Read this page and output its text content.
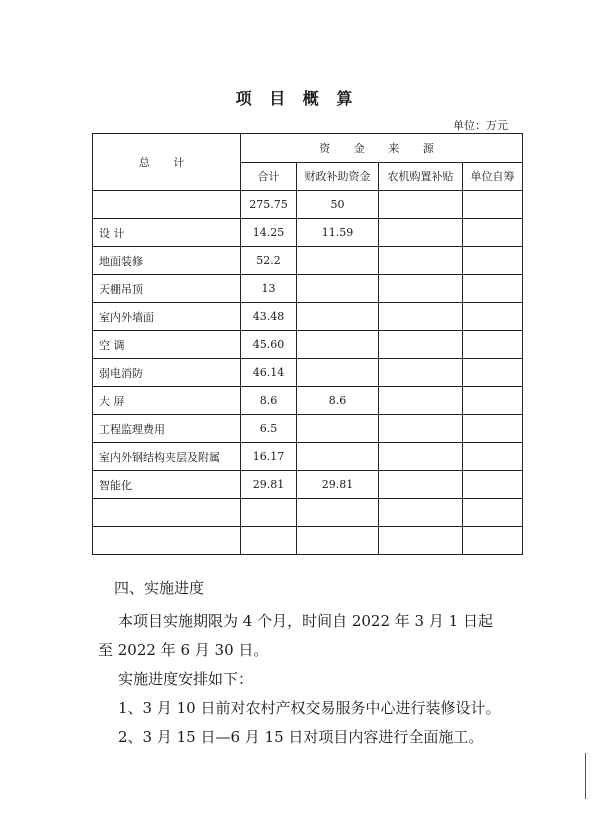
项 目 概 算
单位：万元
总 计	资 金 来 源			
	合计	财政补助资金	农机购置补贴	单位自筹
	275.75	50		
设 计	14.25	11.59		
地面装修	52.2			
天棚吊顶	13			
室内外墙面	43.48			
空 调	45.60			
弱电消防	46.14			
大 屏	8.6	8.6		
工程监理费用	6.5			
室内外钢结构夹层及附属	16.17			
智能化	29.81	29.81		

四、实施进度
本项目实施期限为 4 个月，时间自 2022 年 3 月 1 日起
至 2022 年 6 月 30 日。
实施进度安排如下：
1、3 月 10 日前对农村产权交易服务中心进行装修设计。
2、3 月 15 日—6 月 15 日对项目内容进行全面施工。
